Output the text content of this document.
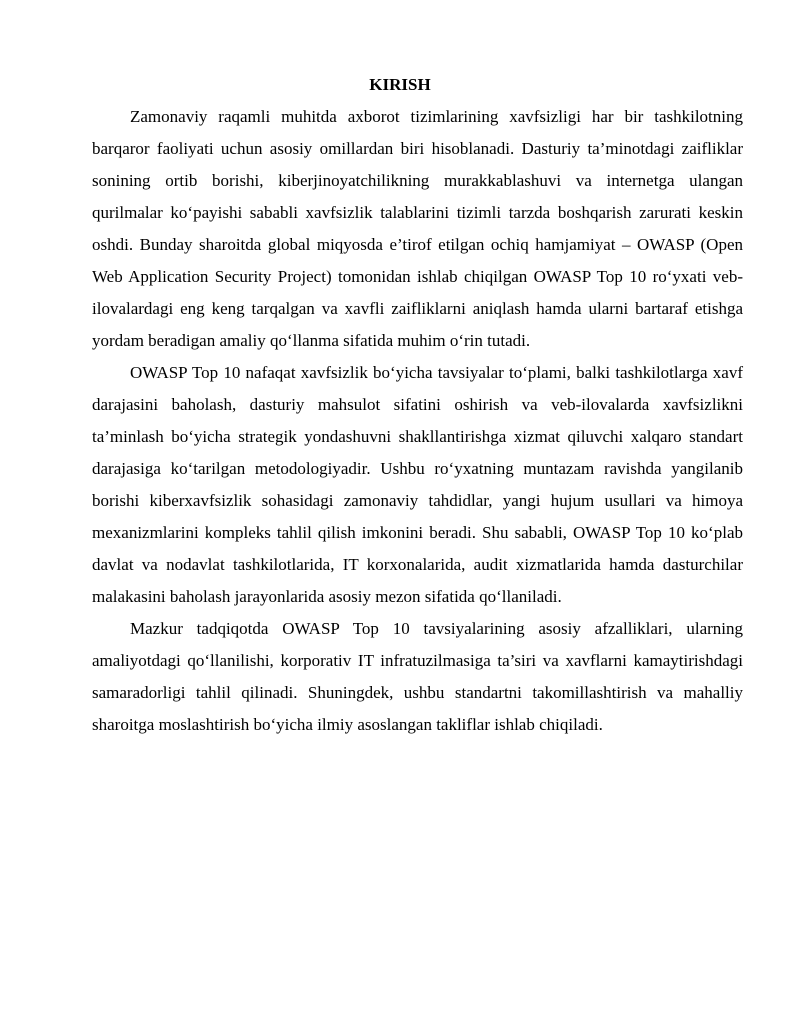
KIRISH

Zamonaviy raqamli muhitda axborot tizimlarining xavfsizligi har bir tashkilotning barqaror faoliyati uchun asosiy omillardan biri hisoblanadi. Dasturiy ta’minotdagi zaifliklar sonining ortib borishi, kiberjinoyatchilikning murakkablashuvi va internetga ulangan qurilmalar ko‘payishi sababli xavfsizlik talablarini tizimli tarzda boshqarish zarurati keskin oshdi. Bunday sharoitda global miqyosda e’tirof etilgan ochiq hamjamiyat – OWASP (Open Web Application Security Project) tomonidan ishlab chiqilgan OWASP Top 10 ro‘yxati veb-ilovalardagi eng keng tarqalgan va xavfli zaifliklarni aniqlash hamda ularni bartaraf etishga yordam beradigan amaliy qo‘llanma sifatida muhim o‘rin tutadi.

OWASP Top 10 nafaqat xavfsizlik bo‘yicha tavsiyalar to‘plami, balki tashkilotlarga xavf darajasini baholash, dasturiy mahsulot sifatini oshirish va veb-ilovalarda xavfsizlikni ta’minlash bo‘yicha strategik yondashuvni shakllantirishga xizmat qiluvchi xalqaro standart darajasiga ko‘tarilgan metodologiyadir. Ushbu ro‘yxatning muntazam ravishda yangilanib borishi kiberxavfsizlik sohasidagi zamonaviy tahdidlar, yangi hujum usullari va himoya mexanizmlarini kompleks tahlil qilish imkonini beradi. Shu sababli, OWASP Top 10 ko‘plab davlat va nodavlat tashkilotlarida, IT korxonalarida, audit xizmatlarida hamda dasturchilar malakasini baholash jarayonlarida asosiy mezon sifatida qo‘llaniladi.

Mazkur tadqiqotda OWASP Top 10 tavsiyalarining asosiy afzalliklari, ularning amaliyotdagi qo‘llanilishi, korporativ IT infratuzilmasiga ta’siri va xavflarni kamaytirishdagi samaradorligi tahlil qilinadi. Shuningdek, ushbu standartni takomillashtirish va mahalliy sharoitga moslashtirish bo‘yicha ilmiy asoslangan takliflar ishlab chiqiladi.
